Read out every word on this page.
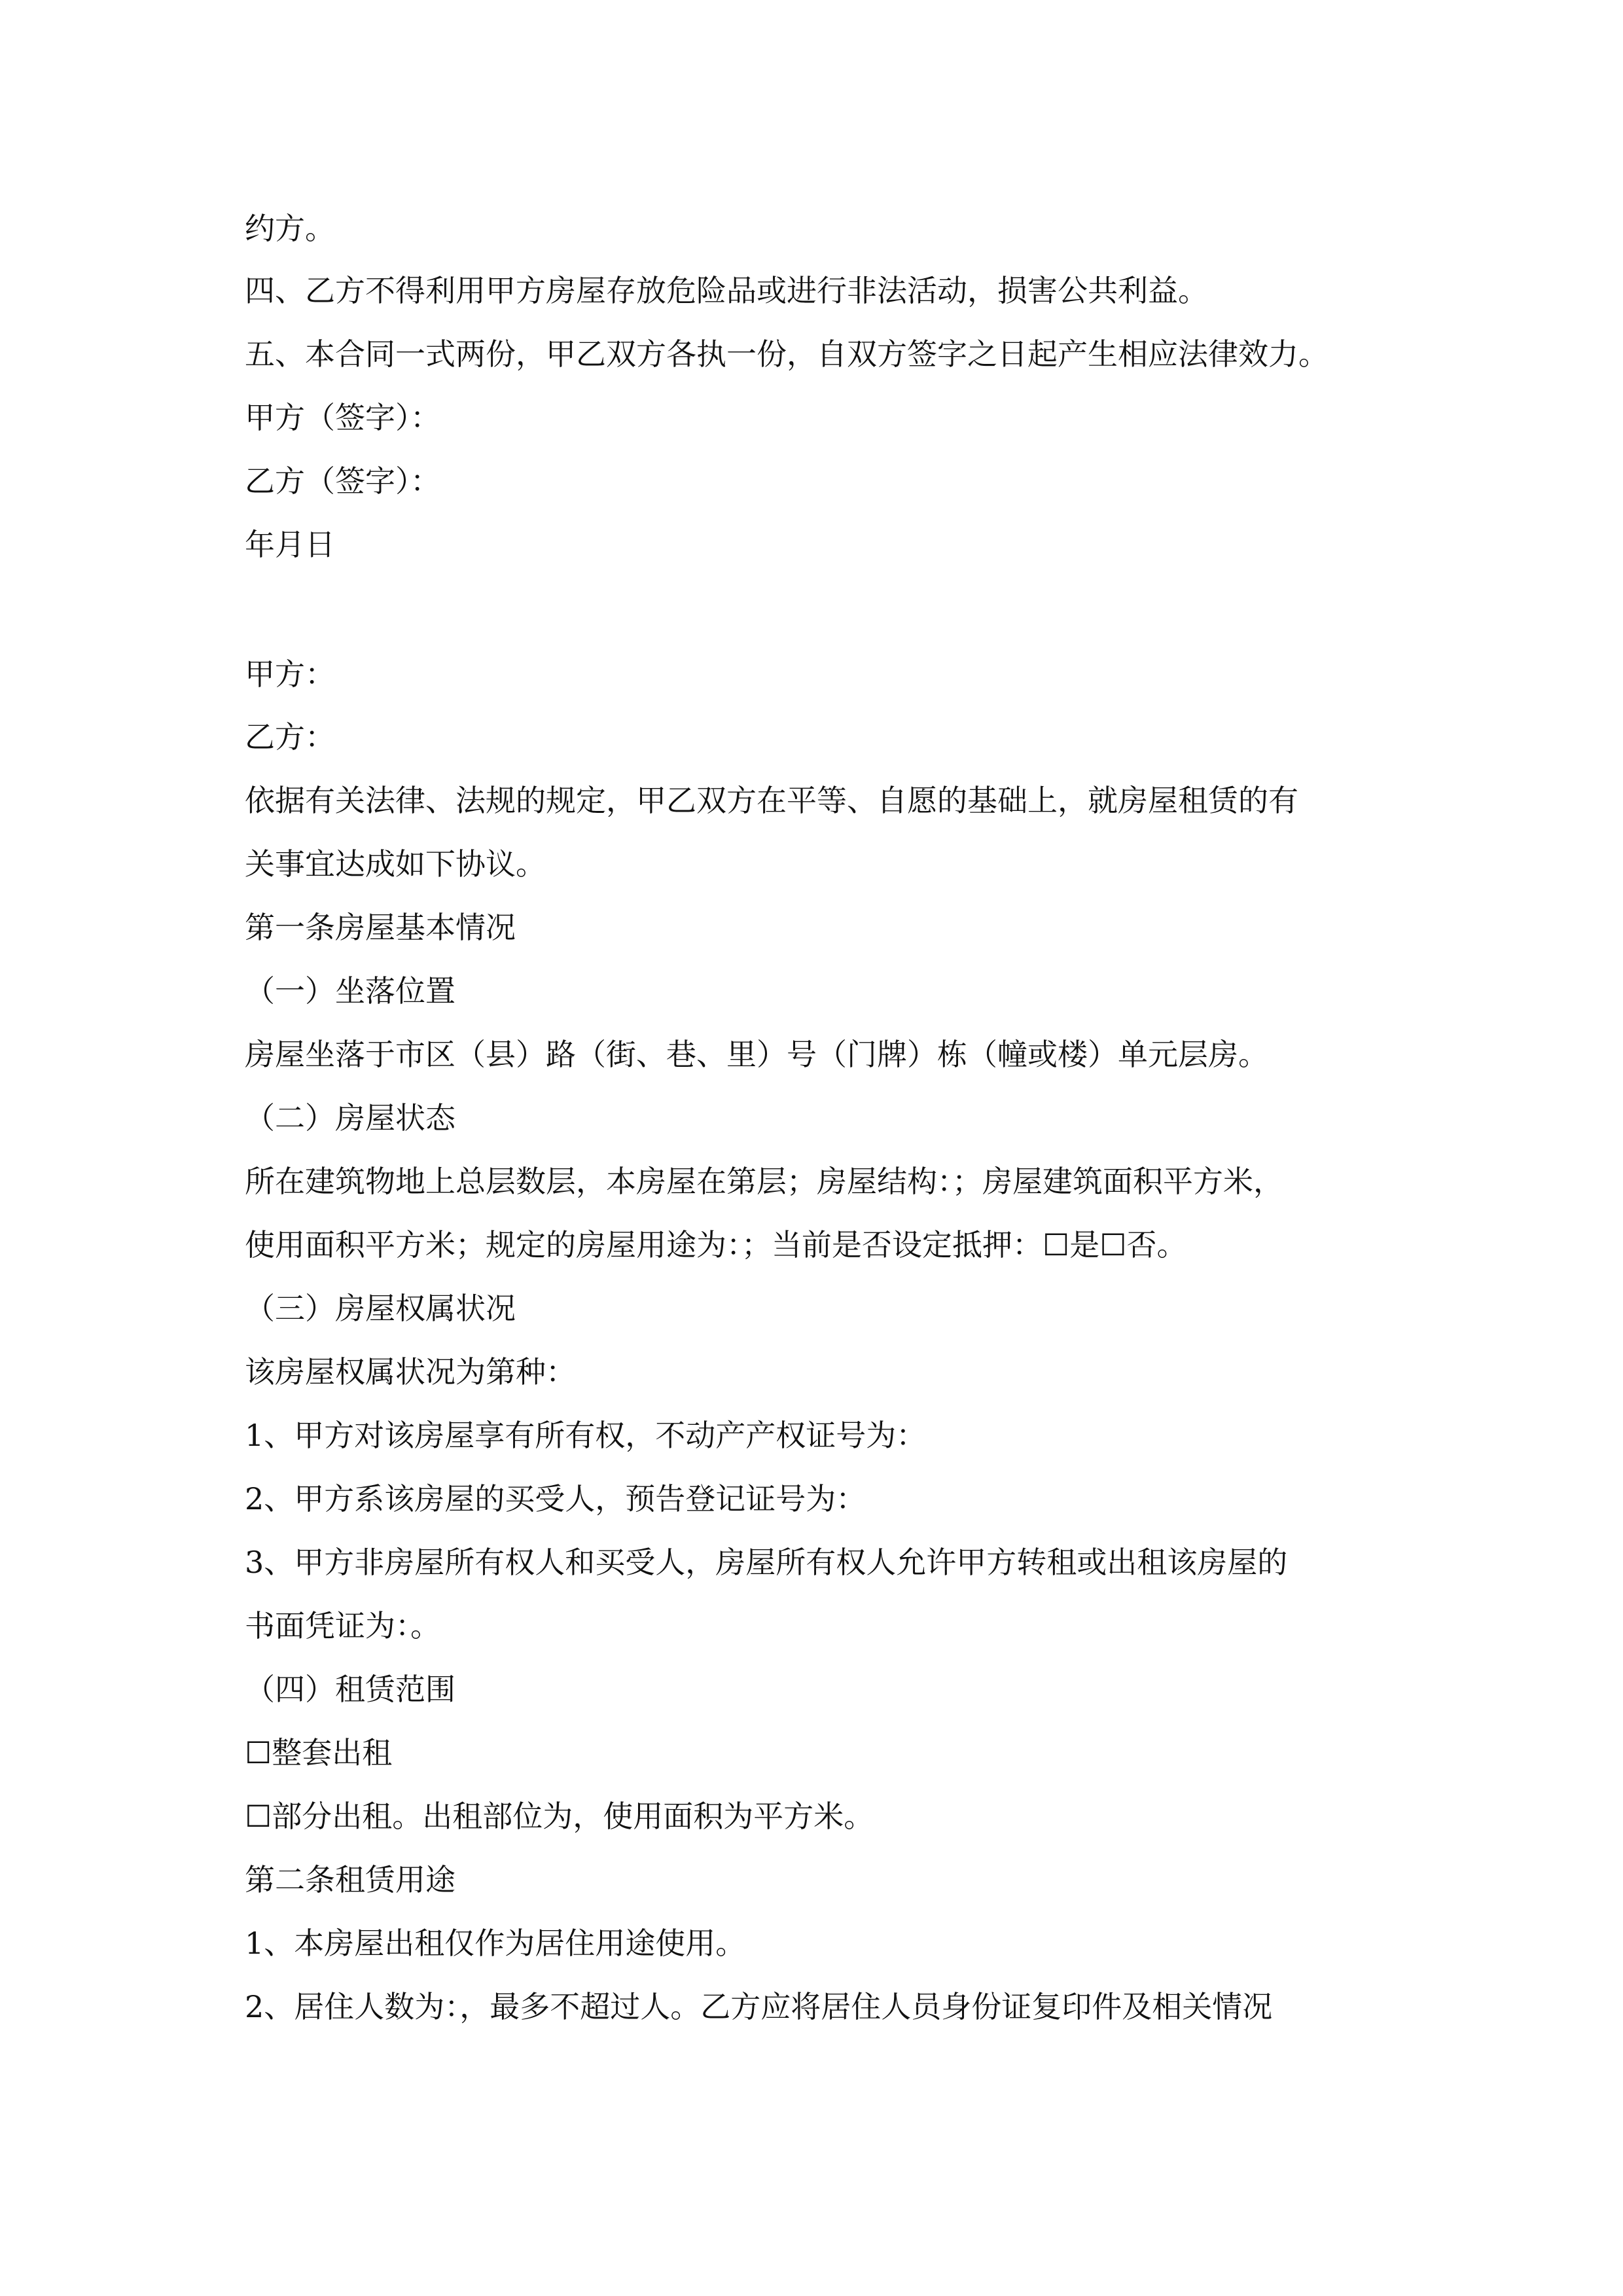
约方。
四、乙方不得利用甲方房屋存放危险品或进行非法活动，损害公共利益。
五、本合同一式两份，甲乙双方各执一份，自双方签字之日起产生相应法律效力。
甲方（签字）：
乙方（签字）：
年月日
甲方：
乙方：
依据有关法律、法规的规定，甲乙双方在平等、自愿的基础上，就房屋租赁的有
关事宜达成如下协议。
第一条房屋基本情况
（一）坐落位置
房屋坐落于市区（县）路（街、巷、里）号（门牌）栋（幢或楼）单元层房。
（二）房屋状态
所在建筑物地上总层数层，本房屋在第层；房屋结构：；房屋建筑面积平方米，
使用面积平方米；规定的房屋用途为：；当前是否设定抵押：☐是☐否。
（三）房屋权属状况
该房屋权属状况为第种：
1、甲方对该房屋享有所有权，不动产产权证号为：
2、甲方系该房屋的买受人，预告登记证号为：
3、甲方非房屋所有权人和买受人，房屋所有权人允许甲方转租或出租该房屋的
书面凭证为：。
（四）租赁范围
☐整套出租
☐部分出租。出租部位为，使用面积为平方米。
第二条租赁用途
1、本房屋出租仅作为居住用途使用。
2、居住人数为：，最多不超过人。乙方应将居住人员身份证复印件及相关情况
